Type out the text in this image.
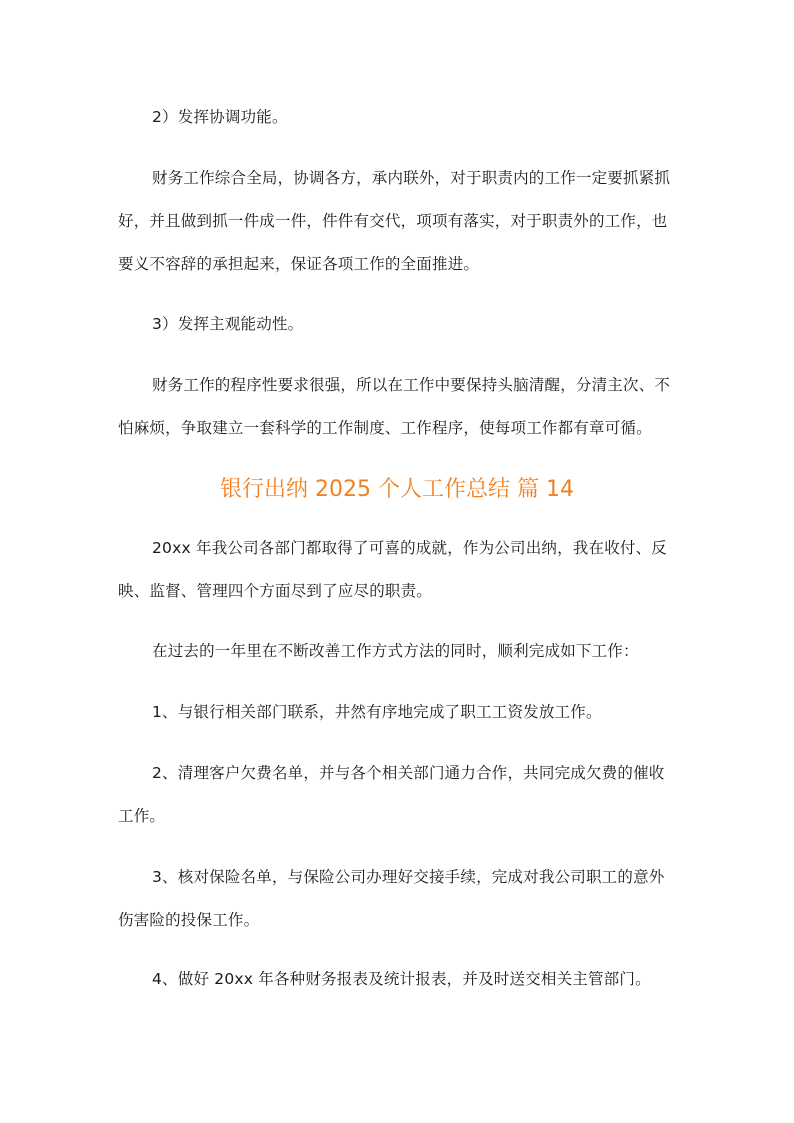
2）发挥协调功能。

财务工作综合全局，协调各方，承内联外，对于职责内的工作一定要抓紧抓好，并且做到抓一件成一件，件件有交代，项项有落实，对于职责外的工作，也要义不容辞的承担起来，保证各项工作的全面推进。

3）发挥主观能动性。

财务工作的程序性要求很强，所以在工作中要保持头脑清醒，分清主次、不怕麻烦，争取建立一套科学的工作制度、工作程序，使每项工作都有章可循。

银行出纳 2025 个人工作总结 篇 14

20xx 年我公司各部门都取得了可喜的成就，作为公司出纳，我在收付、反映、监督、管理四个方面尽到了应尽的职责。

在过去的一年里在不断改善工作方式方法的同时，顺利完成如下工作：

1、与银行相关部门联系，井然有序地完成了职工工资发放工作。

2、清理客户欠费名单，并与各个相关部门通力合作，共同完成欠费的催收工作。

3、核对保险名单，与保险公司办理好交接手续，完成对我公司职工的意外伤害险的投保工作。

4、做好 20xx 年各种财务报表及统计报表，并及时送交相关主管部门。
